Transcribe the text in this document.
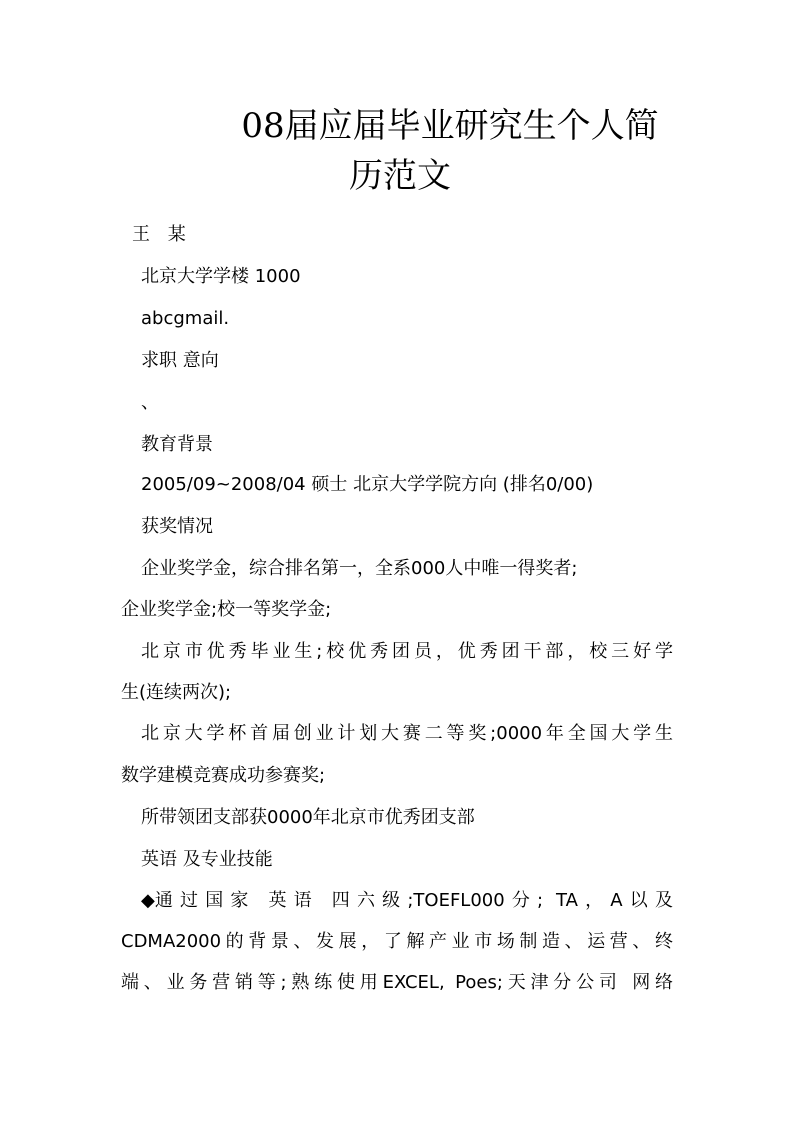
08届应届毕业研究生个人简
历范文
王 某
北京大学学楼 1000
abcgmail.
求职 意向
、
教育背景
2005/09~2008/04 硕士 北京大学学院方向 (排名0/00)
获奖情况
企业奖学金，综合排名第一，全系000人中唯一得奖者;
企业奖学金;校一等奖学金;
北京市优秀毕业生;校优秀团员，优秀团干部，校三好学
生(连续两次);
北京大学杯首届创业计划大赛二等奖;0000年全国大学生
数学建模竞赛成功参赛奖;
所带领团支部获0000年北京市优秀团支部
英语 及专业技能
◆ 通过国家 英语 四六级;TOEFL000分; TA，A以及
CDMA2000的背景、发展，了解产业市场制造、运营、终
端、业务营销等;熟练使用EXCEL, Poes;天津分公司 网络
